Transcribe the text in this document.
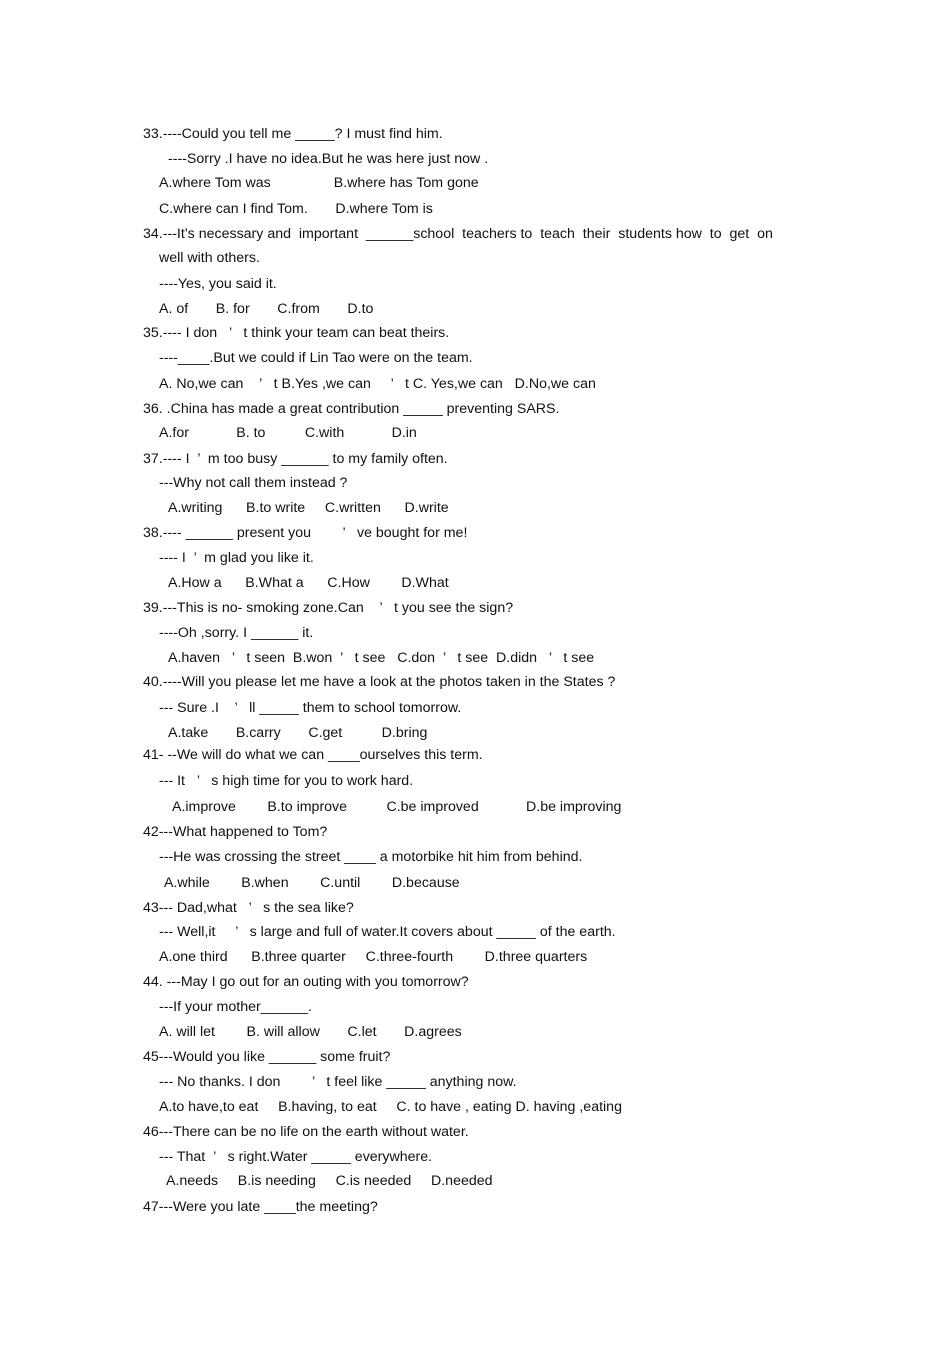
33.----Could you tell me _____? I must find him.
----Sorry .I have no idea.But he was here just now .
A.where Tom was                B.where has Tom gone
C.where can I find Tom.       D.where Tom is
34.---It’s necessary and  important  ______school  teachers to  teach  their  students how  to  get  on
well with others.
----Yes, you said it.
A. of       B. for       C.from       D.to
35.---- I don   ’   t think your team can beat theirs.
----____.But we could if Lin Tao were on the team.
A. No,we can    ’   t B.Yes ,we can     ’   t C. Yes,we can   D.No,we can
36. .China has made a great contribution _____ preventing SARS.
A.for            B. to          C.with            D.in
37.---- I  ’  m too busy ______ to my family often.
---Why not call them instead ?
A.writing      B.to write     C.written      D.write
38.---- ______ present you        ’   ve bought for me!
---- I  ’  m glad you like it.
A.How a      B.What a      C.How        D.What
39.---This is no- smoking zone.Can    ’   t you see the sign?
----Oh ,sorry. I ______ it.
A.haven   ’   t seen  B.won  ’   t see   C.don  ’   t see  D.didn   ’   t see
40.----Will you please let me have a look at the photos taken in the States ?
--- Sure .I    ’   ll _____ them to school tomorrow.
A.take       B.carry       C.get          D.bring
41- --We will do what we can ____ourselves this term.
--- It   ’   s high time for you to work hard.
A.improve        B.to improve          C.be improved            D.be improving
42---What happened to Tom?
---He was crossing the street ____ a motorbike hit him from behind.
A.while        B.when        C.until        D.because
43--- Dad,what   ’   s the sea like?
--- Well,it     ’   s large and full of water.It covers about _____ of the earth.
A.one third      B.three quarter     C.three-fourth        D.three quarters
44. ---May I go out for an outing with you tomorrow?
---If your mother______.
A. will let        B. will allow       C.let       D.agrees
45---Would you like ______ some fruit?
--- No thanks. I don        ’   t feel like _____ anything now.
A.to have,to eat     B.having, to eat     C. to have , eating D. having ,eating
46---There can be no life on the earth without water.
--- That  ’   s right.Water _____ everywhere.
A.needs     B.is needing     C.is needed     D.needed
47---Were you late ____the meeting?
